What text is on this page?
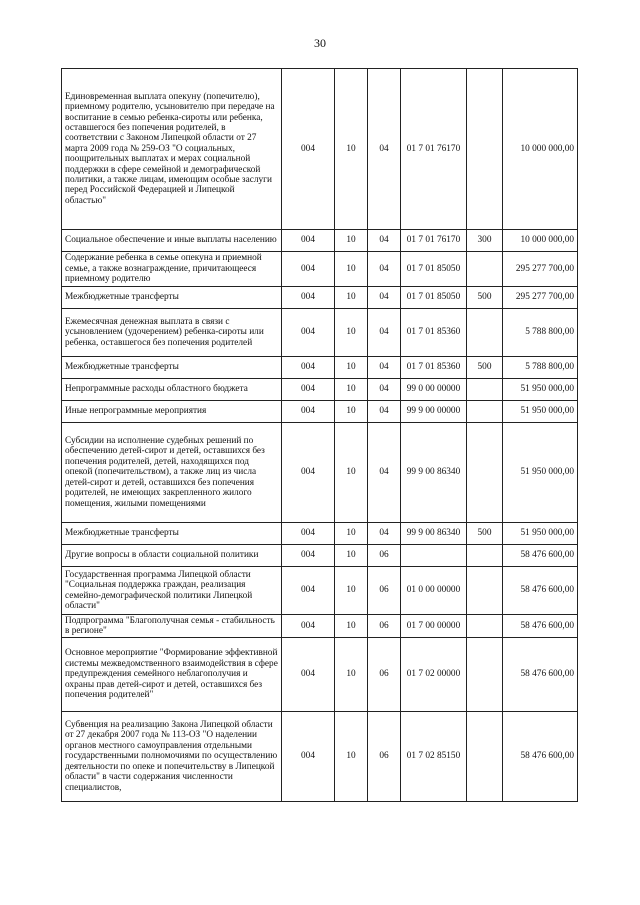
30
Единовременная выплата опекуну (попечителю), приемному родителю, усыновителю при передаче на воспитание в семью ребенка-сироты или ребенка, оставшегося без попечения родителей, в соответствии с Законом Липецкой области от 27 марта 2009 года № 259-ОЗ "О социальных, поощрительных выплатах и мерах социальной поддержки в сфере семейной и демографической политики, а также лицам, имеющим особые заслуги перед Российской Федерацией и Липецкой областью"	004	10	04	01 7 01 76170		10 000 000,00
Социальное обеспечение и иные выплаты населению	004	10	04	01 7 01 76170	300	10 000 000,00
Содержание ребенка в семье опекуна и приемной семье, а также вознаграждение, причитающееся приемному родителю	004	10	04	01 7 01 85050		295 277 700,00
Межбюджетные трансферты	004	10	04	01 7 01 85050	500	295 277 700,00
Ежемесячная денежная выплата в связи с усыновлением (удочерением) ребенка-сироты или ребенка, оставшегося без попечения родителей	004	10	04	01 7 01 85360		5 788 800,00
Межбюджетные трансферты	004	10	04	01 7 01 85360	500	5 788 800,00
Непрограммные расходы областного бюджета	004	10	04	99 0 00 00000		51 950 000,00
Иные непрограммные мероприятия	004	10	04	99 9 00 00000		51 950 000,00
Субсидии на исполнение судебных решений по обеспечению детей-сирот и детей, оставшихся без попечения родителей, детей, находящихся под опекой (попечительством), а также лиц из числа детей-сирот и детей, оставшихся без попечения родителей, не имеющих закрепленного жилого помещения, жилыми помещениями	004	10	04	99 9 00 86340		51 950 000,00
Межбюджетные трансферты	004	10	04	99 9 00 86340	500	51 950 000,00
Другие вопросы в области социальной политики	004	10	06			58 476 600,00
Государственная программа Липецкой области "Социальная поддержка граждан, реализация семейно-демографической политики Липецкой области"	004	10	06	01 0 00 00000		58 476 600,00
Подпрограмма "Благополучная семья - стабильность в регионе"	004	10	06	01 7 00 00000		58 476 600,00
Основное мероприятие "Формирование эффективной системы межведомственного взаимодействия в сфере предупреждения семейного неблагополучия и охраны прав детей-сирот и детей, оставшихся без попечения родителей"	004	10	06	01 7 02 00000		58 476 600,00
Субвенция на реализацию Закона Липецкой области от 27 декабря 2007 года № 113-ОЗ "О наделении органов местного самоуправления отдельными государственными полномочиями по осуществлению деятельности по опеке и попечительству в Липецкой области" в части содержания численности специалистов,	004	10	06	01 7 02 85150		58 476 600,00
